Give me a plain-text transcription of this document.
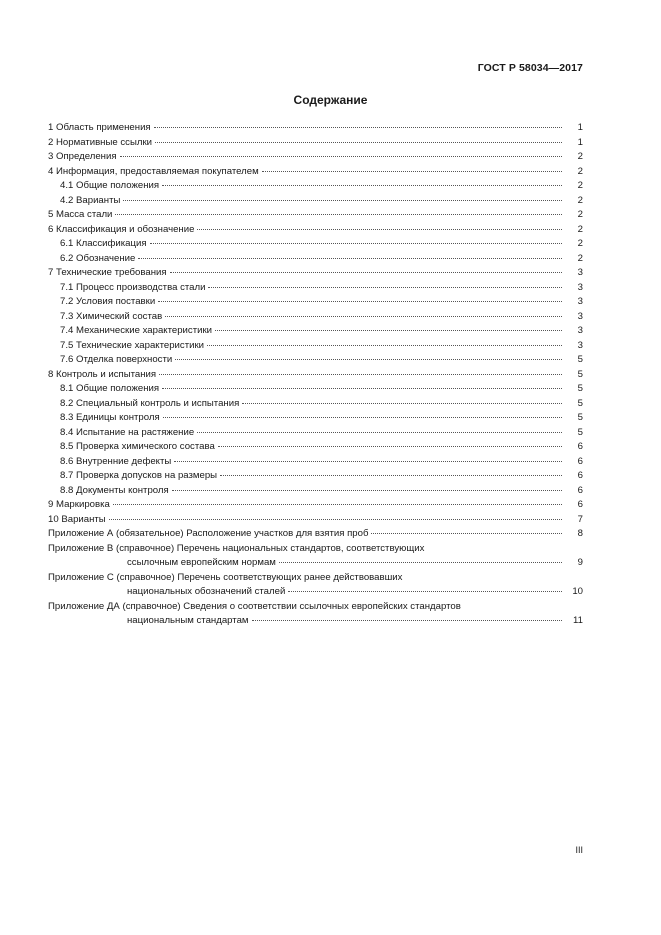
ГОСТ Р 58034—2017
Содержание
1 Область применения	1
2 Нормативные ссылки	1
3 Определения	2
4 Информация, предоставляемая покупателем	2
4.1 Общие положения	2
4.2 Варианты	2
5 Масса стали	2
6 Классификация и обозначение	2
6.1 Классификация	2
6.2 Обозначение	2
7 Технические требования	3
7.1 Процесс производства стали	3
7.2 Условия поставки	3
7.3 Химический состав	3
7.4 Механические характеристики	3
7.5 Технические характеристики	3
7.6 Отделка поверхности	5
8 Контроль и испытания	5
8.1 Общие положения	5
8.2 Специальный контроль и испытания	5
8.3 Единицы контроля	5
8.4 Испытание на растяжение	5
8.5 Проверка химического состава	6
8.6 Внутренние дефекты	6
8.7 Проверка допусков на размеры	6
8.8 Документы контроля	6
9 Маркировка	6
10 Варианты	7
Приложение А (обязательное) Расположение участков для взятия проб	8
Приложение В (справочное) Перечень национальных стандартов, соответствующих
ссылочным европейским нормам	9
Приложение С (справочное) Перечень соответствующих ранее действовавших
национальных обозначений сталей	10
Приложение ДА (справочное) Сведения о соответствии ссылочных европейских стандартов
национальным стандартам	11
III
